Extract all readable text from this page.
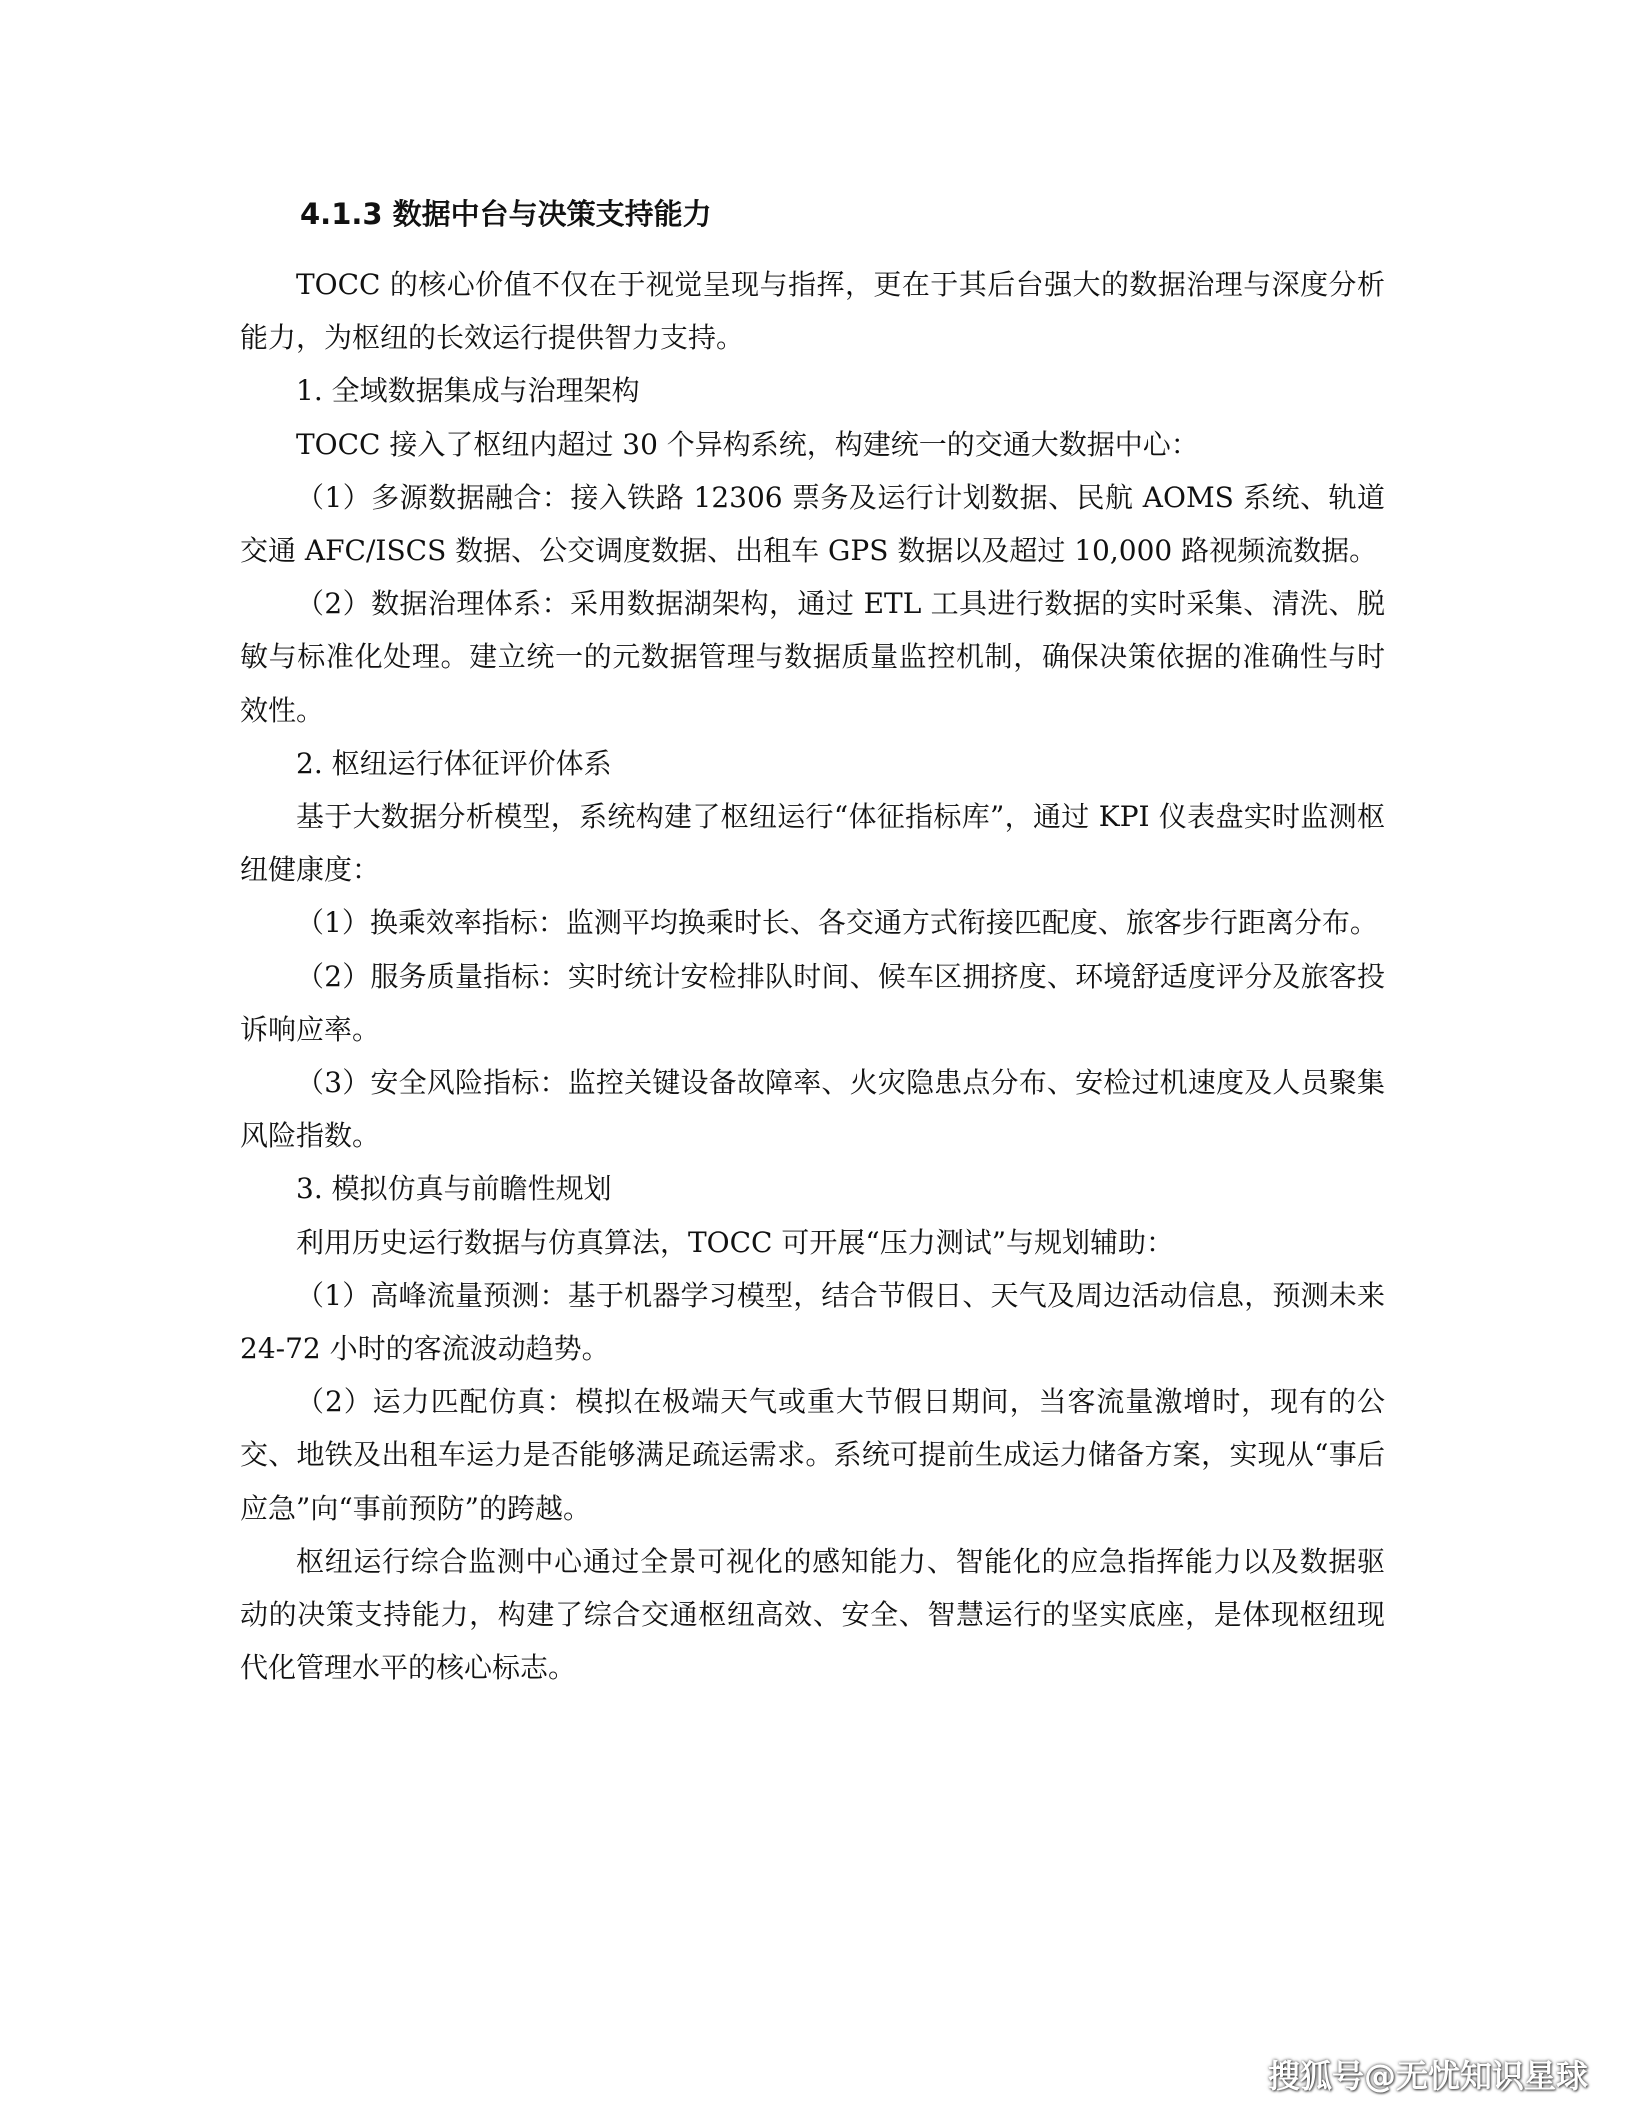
4.1.3 数据中台与决策支持能力

TOCC 的核心价值不仅在于视觉呈现与指挥，更在于其后台强大的数据治理与深度分析能力，为枢纽的长效运行提供智力支持。

1. 全域数据集成与治理架构

TOCC 接入了枢纽内超过 30 个异构系统，构建统一的交通大数据中心：

（1）多源数据融合：接入铁路 12306 票务及运行计划数据、民航 AOMS 系统、轨道交通 AFC/ISCS 数据、公交调度数据、出租车 GPS 数据以及超过 10,000 路视频流数据。

（2）数据治理体系：采用数据湖架构，通过 ETL 工具进行数据的实时采集、清洗、脱敏与标准化处理。建立统一的元数据管理与数据质量监控机制，确保决策依据的准确性与时效性。

2. 枢纽运行体征评价体系

基于大数据分析模型，系统构建了枢纽运行“体征指标库”，通过 KPI 仪表盘实时监测枢纽健康度：

（1）换乘效率指标：监测平均换乘时长、各交通方式衔接匹配度、旅客步行距离分布。

（2）服务质量指标：实时统计安检排队时间、候车区拥挤度、环境舒适度评分及旅客投诉响应率。

（3）安全风险指标：监控关键设备故障率、火灾隐患点分布、安检过机速度及人员聚集风险指数。

3. 模拟仿真与前瞻性规划

利用历史运行数据与仿真算法，TOCC 可开展“压力测试”与规划辅助：

（1）高峰流量预测：基于机器学习模型，结合节假日、天气及周边活动信息，预测未来 24-72 小时的客流波动趋势。

（2）运力匹配仿真：模拟在极端天气或重大节假日期间，当客流量激增时，现有的公交、地铁及出租车运力是否能够满足疏运需求。系统可提前生成运力储备方案，实现从“事后应急”向“事前预防”的跨越。

枢纽运行综合监测中心通过全景可视化的感知能力、智能化的应急指挥能力以及数据驱动的决策支持能力，构建了综合交通枢纽高效、安全、智慧运行的坚实底座，是体现枢纽现代化管理水平的核心标志。

搜狐号@无忧知识星球
